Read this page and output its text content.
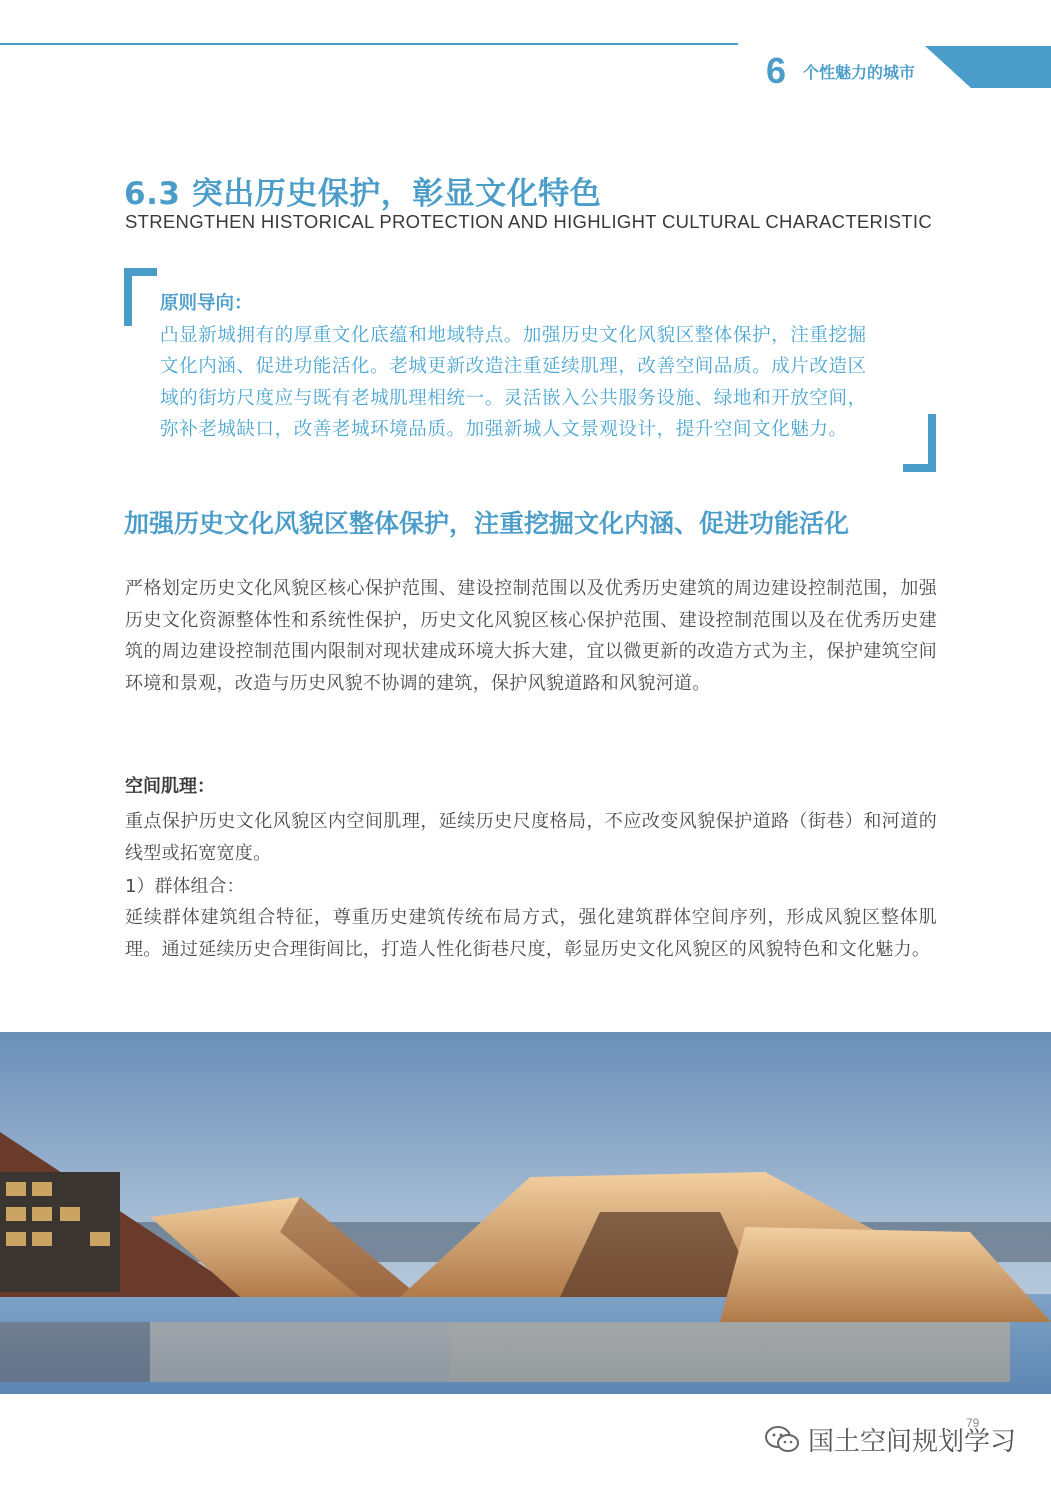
6 个性魅力的城市
6.3 突出历史保护，彰显文化特色
STRENGTHEN HISTORICAL PROTECTION AND HIGHLIGHT CULTURAL CHARACTERISTIC
原则导向：
凸显新城拥有的厚重文化底蕴和地域特点。加强历史文化风貌区整体保护，注重挖掘
文化内涵、促进功能活化。老城更新改造注重延续肌理，改善空间品质。成片改造区
域的街坊尺度应与既有老城肌理相统一。灵活嵌入公共服务设施、绿地和开放空间，
弥补老城缺口，改善老城环境品质。加强新城人文景观设计，提升空间文化魅力。
加强历史文化风貌区整体保护，注重挖掘文化内涵、促进功能活化
严格划定历史文化风貌区核心保护范围、建设控制范围以及优秀历史建筑的周边建设控制范围，加强历史文化资源整体性和系统性保护，历史文化风貌区核心保护范围、建设控制范围以及在优秀历史建筑的周边建设控制范围内限制对现状建成环境大拆大建，宜以微更新的改造方式为主，保护建筑空间环境和景观，改造与历史风貌不协调的建筑，保护风貌道路和风貌河道。
空间肌理：
重点保护历史文化风貌区内空间肌理，延续历史尺度格局，不应改变风貌保护道路（街巷）和河道的线型或拓宽宽度。
1）群体组合：
延续群体建筑组合特征，尊重历史建筑传统布局方式，强化建筑群体空间序列，形成风貌区整体肌理。通过延续历史合理街闾比，打造人性化街巷尺度，彰显历史文化风貌区的风貌特色和文化魅力。
79
国土空间规划学习
